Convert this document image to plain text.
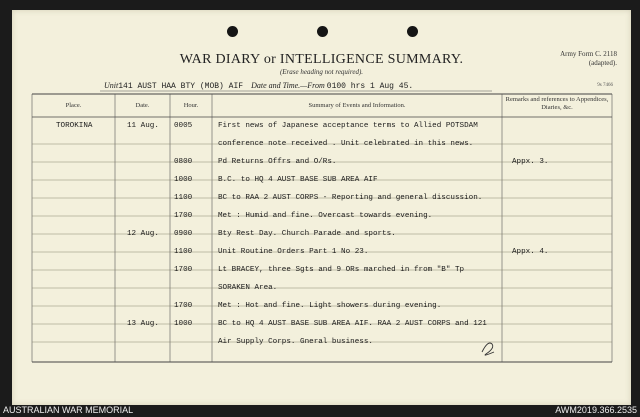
WAR DIARY or INTELLIGENCE SUMMARY.
(Erase heading not required).
Army Form C. 2118
(adapted).
Unit141 AUST HAA BTY (MOB) AIF Date and Time.—From 0100 hrs 1 Aug 45.	9s 7466
Place.	Date.	Hour.	Summary of Events and Information.
Remarks and references to Appendices, Diaries, &c.
TOROKINA	11 Aug. 0005	First news of Japanese acceptance terms to Allied POTSDAM
conference note received . Unit celebrated in this news.
0800	Pd Returns Offrs and O/Rs.	Appx. 3.
1000	B.C. to HQ 4 AUST BASE SUB AREA AIF
1100	BC to RAA 2 AUST CORPS - Reporting and general discussion.
1700	Met : Humid and fine. Overcast towards evening.
12 Aug. 0900	Bty Rest Day. Church Parade and sports.
1100	Unit Routine Orders Part 1 No 23.	Appx. 4.
1700	Lt BRACEY, three Sgts and 9 ORs marched in from "B" Tp
SORAKEN Area.
1700	Met : Hot and fine. Light showers during evening.
13 Aug. 1000	BC to HQ 4 AUST BASE SUB AREA AIF. RAA 2 AUST CORPS and 121
Air Supply Corps. Gneral business.
AUSTRALIAN WAR MEMORIAL	AWM2019.366.2535
